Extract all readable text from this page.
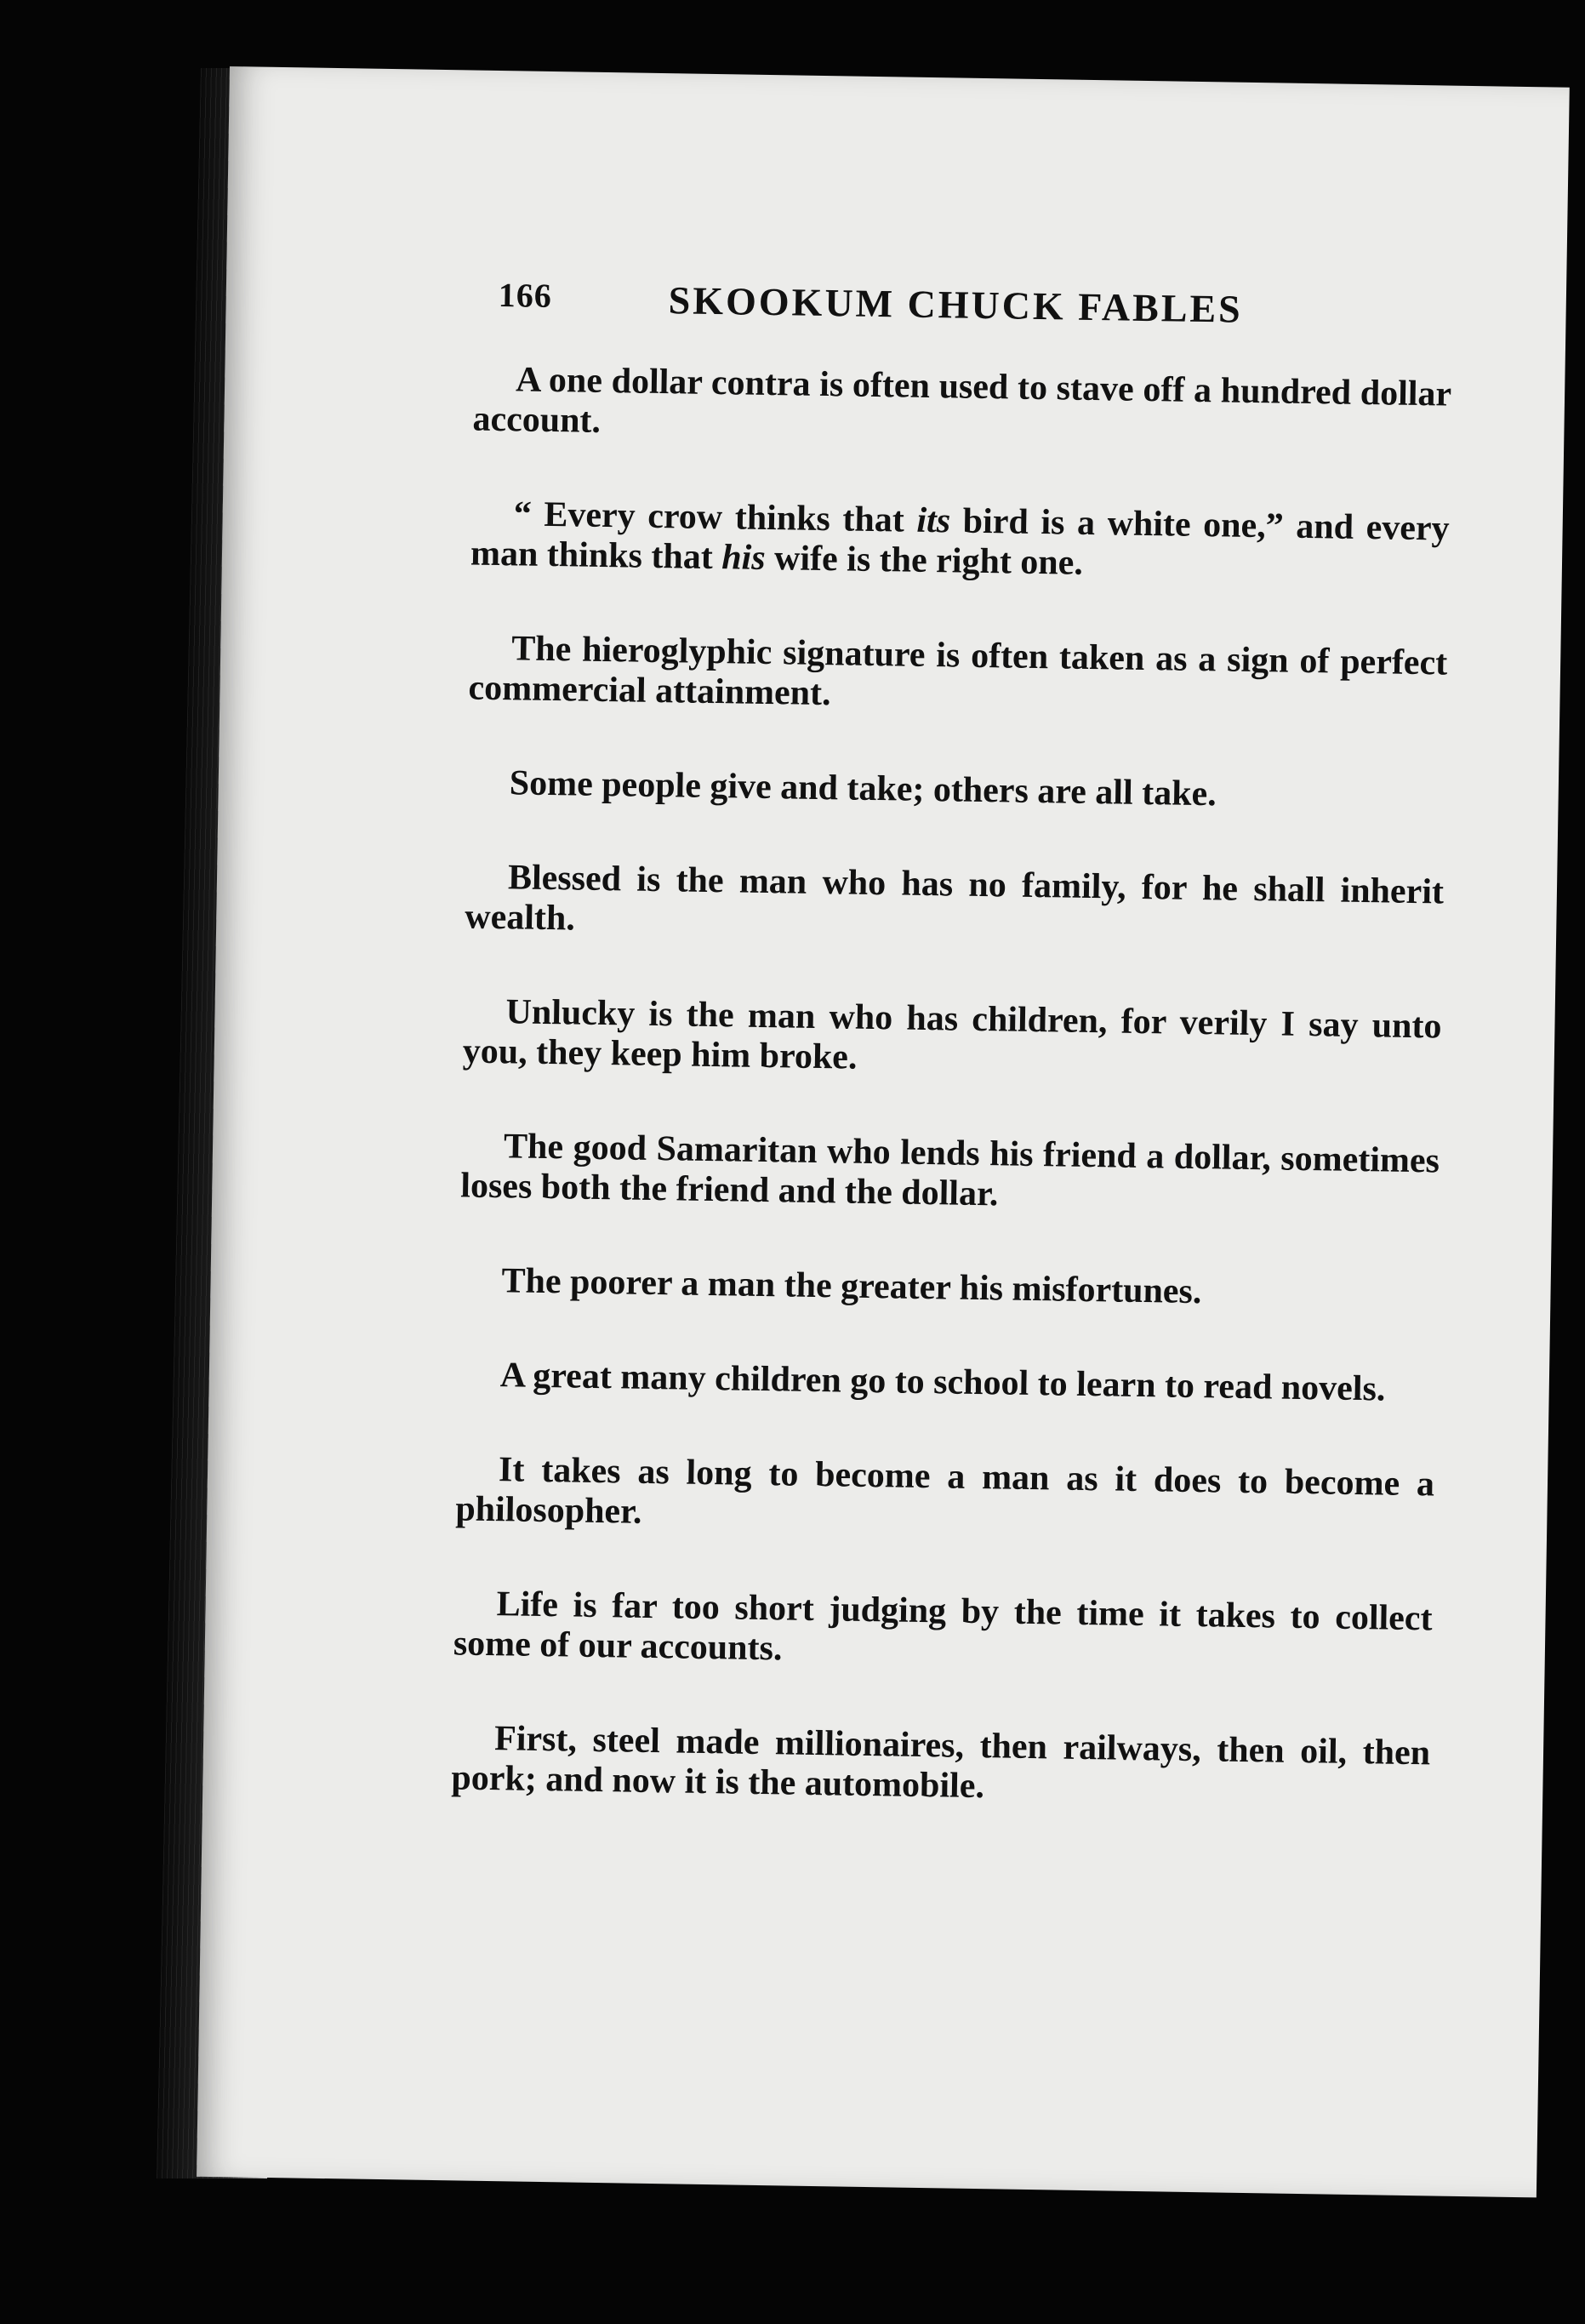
166	SKOOKUM CHUCK FABLES

A one dollar contra is often used to stave off a hundred dollar account.

“ Every crow thinks that its bird is a white one,” and every man thinks that his wife is the right one.

The hieroglyphic signature is often taken as a sign of perfect commercial attainment.

Some people give and take; others are all take.

Blessed is the man who has no family, for he shall inherit wealth.

Unlucky is the man who has children, for verily I say unto you, they keep him broke.

The good Samaritan who lends his friend a dollar, sometimes loses both the friend and the dollar.

The poorer a man the greater his misfortunes.

A great many children go to school to learn to read novels.

It takes as long to become a man as it does to become a philosopher.

Life is far too short judging by the time it takes to collect some of our accounts.

First, steel made millionaires, then railways, then oil, then pork; and now it is the automobile.
